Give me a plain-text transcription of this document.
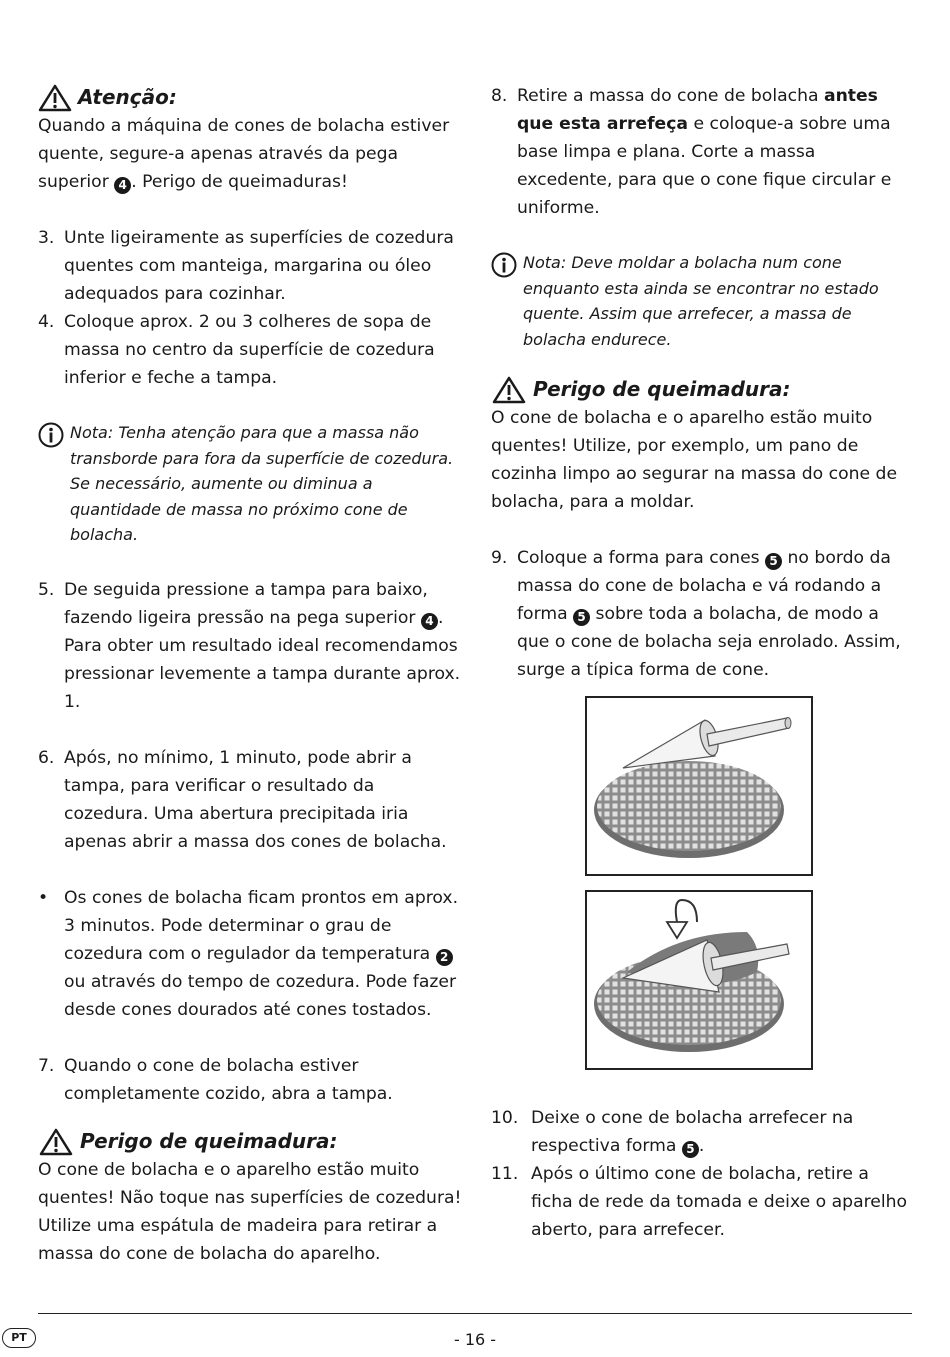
Atenção:

Quando a máquina de cones de bolacha estiver quente, segure-a apenas através da pega superior 4 . Perigo de queimaduras!

3. Unte ligeiramente as superfícies de cozedura quentes com manteiga, margarina ou óleo adequados para cozinhar.
4. Coloque aprox. 2 ou 3 colheres de sopa de massa no centro da superfície de cozedura inferior e feche a tampa.
Nota: Tenha atenção para que a massa não transborde para fora da superfície de cozedura. Se necessário, aumente ou diminua a quantidade de massa no próximo cone de bolacha.
5. De seguida pressione a tampa para baixo, fazendo ligeira pressão na pega superior 4 . Para obter um resultado ideal recomendamos pressionar levemente a tampa durante aprox. 1.
6. Após, no mínimo, 1 minuto, pode abrir a tampa, para verificar o resultado da cozedura. Uma abertura precipitada iria apenas abrir a massa dos cones de bolacha.
• Os cones de bolacha ficam prontos em aprox. 3 minutos. Pode determinar o grau de cozedura com o regulador da temperatura 2 ou através do tempo de cozedura. Pode fazer desde cones dourados até cones tostados.
7. Quando o cone de bolacha estiver completamente cozido, abra a tampa.
Perigo de queimadura:

O cone de bolacha e o aparelho estão muito quentes! Não toque nas superfícies de cozedura! Utilize uma espátula de madeira para retirar a massa do cone de bolacha do aparelho.

8. Retire a massa do cone de bolacha antes que esta arrefeça e coloque-a sobre uma base limpa e plana. Corte a massa excedente, para que o cone fique circular e uniforme.
Nota: Deve moldar a bolacha num cone enquanto esta ainda se encontrar no estado quente. Assim que arrefecer, a massa de bolacha endurece.
Perigo de queimadura:

O cone de bolacha e o aparelho estão muito quentes! Utilize, por exemplo, um pano de cozinha limpo ao segurar na massa do cone de bolacha, para a moldar.

9. Coloque a forma para cones 5 no bordo da massa do cone de bolacha e vá rodando a forma 5 sobre toda a bolacha, de modo a que o cone de bolacha seja enrolado. Assim, surge a típica forma de cone.
10. Deixe o cone de bolacha arrefecer na respectiva forma 5 .
11. Após o último cone de bolacha, retire a ficha de rede da tomada e deixe o aparelho aberto, para arrefecer.
PT	- 16 -
